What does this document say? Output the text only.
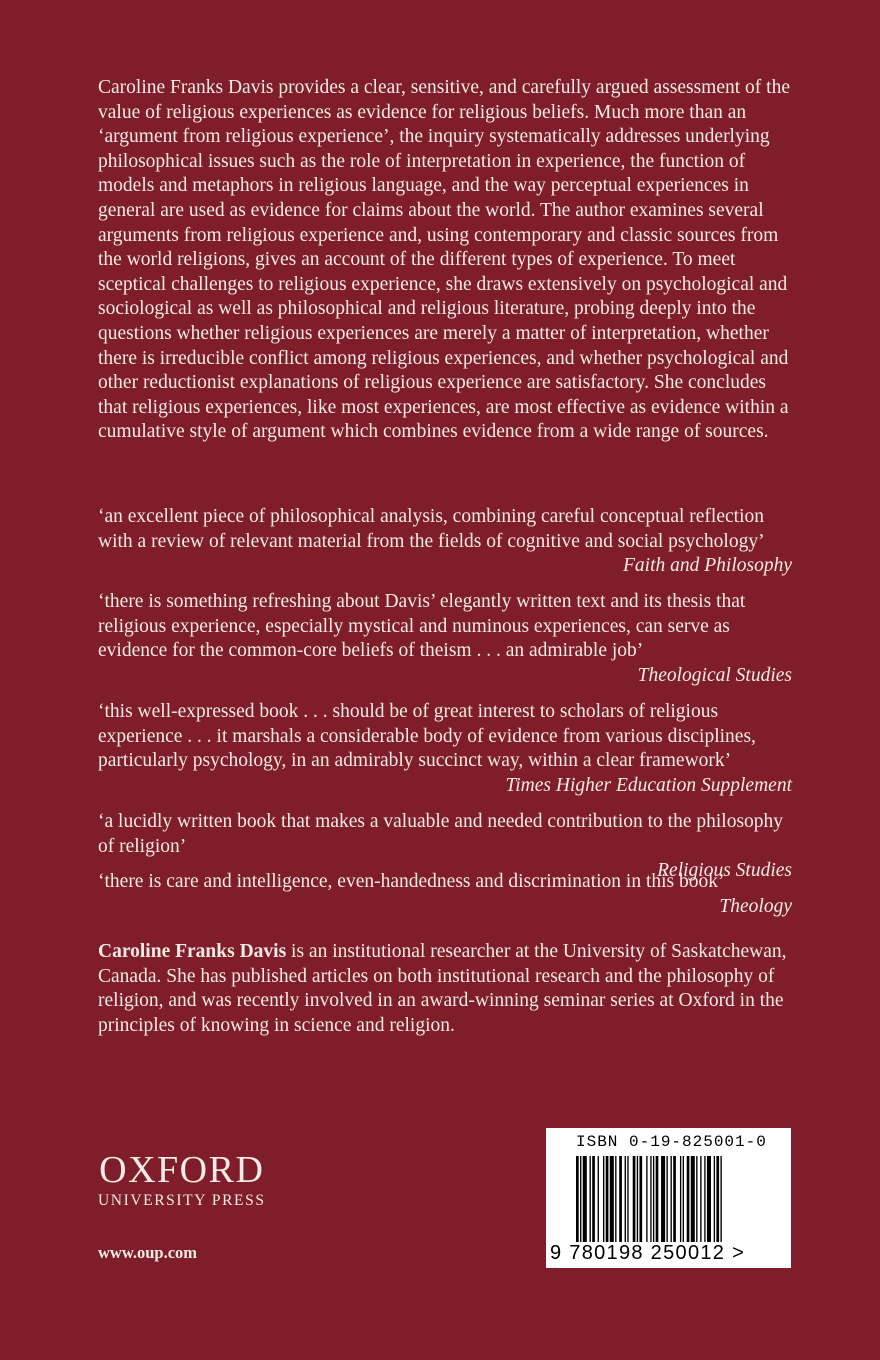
Caroline Franks Davis provides a clear, sensitive, and carefully argued assessment of the value of religious experiences as evidence for religious beliefs. Much more than an ‘argument from religious experience’, the inquiry systematically addresses underlying philosophical issues such as the role of interpretation in experience, the function of models and metaphors in religious language, and the way perceptual experiences in general are used as evidence for claims about the world. The author examines several arguments from religious experience and, using contemporary and classic sources from the world religions, gives an account of the different types of experience. To meet sceptical challenges to religious experience, she draws extensively on psychological and sociological as well as philosophical and religious literature, probing deeply into the questions whether religious experiences are merely a matter of interpretation, whether there is irreducible conflict among religious experiences, and whether psychological and other reductionist explanations of religious experience are satisfactory. She concludes that religious experiences, like most experiences, are most effective as evidence within a cumulative style of argument which combines evidence from a wide range of sources.

‘an excellent piece of philosophical analysis, combining careful conceptual reflection with a review of relevant material from the fields of cognitive and social psychology’

Faith and Philosophy

‘there is something refreshing about Davis’ elegantly written text and its thesis that religious experience, especially mystical and numinous experiences, can serve as evidence for the common-core beliefs of theism . . . an admirable job’

Theological Studies

‘this well-expressed book . . . should be of great interest to scholars of religious experience . . . it marshals a considerable body of evidence from various disciplines, particularly psychology, in an admirably succinct way, within a clear framework’

Times Higher Education Supplement

‘a lucidly written book that makes a valuable and needed contribution to the philosophy of religion’

Religious Studies

‘there is care and intelligence, even-handedness and discrimination in this book’

Theology

Caroline Franks Davis is an institutional researcher at the University of Saskatchewan, Canada. She has published articles on both institutional research and the philosophy of religion, and was recently involved in an award-winning seminar series at Oxford in the principles of knowing in science and religion.

OXFORD
UNIVERSITY PRESS
www.oup.com
ISBN 0-19-825001-0
9 780198 250012 >
